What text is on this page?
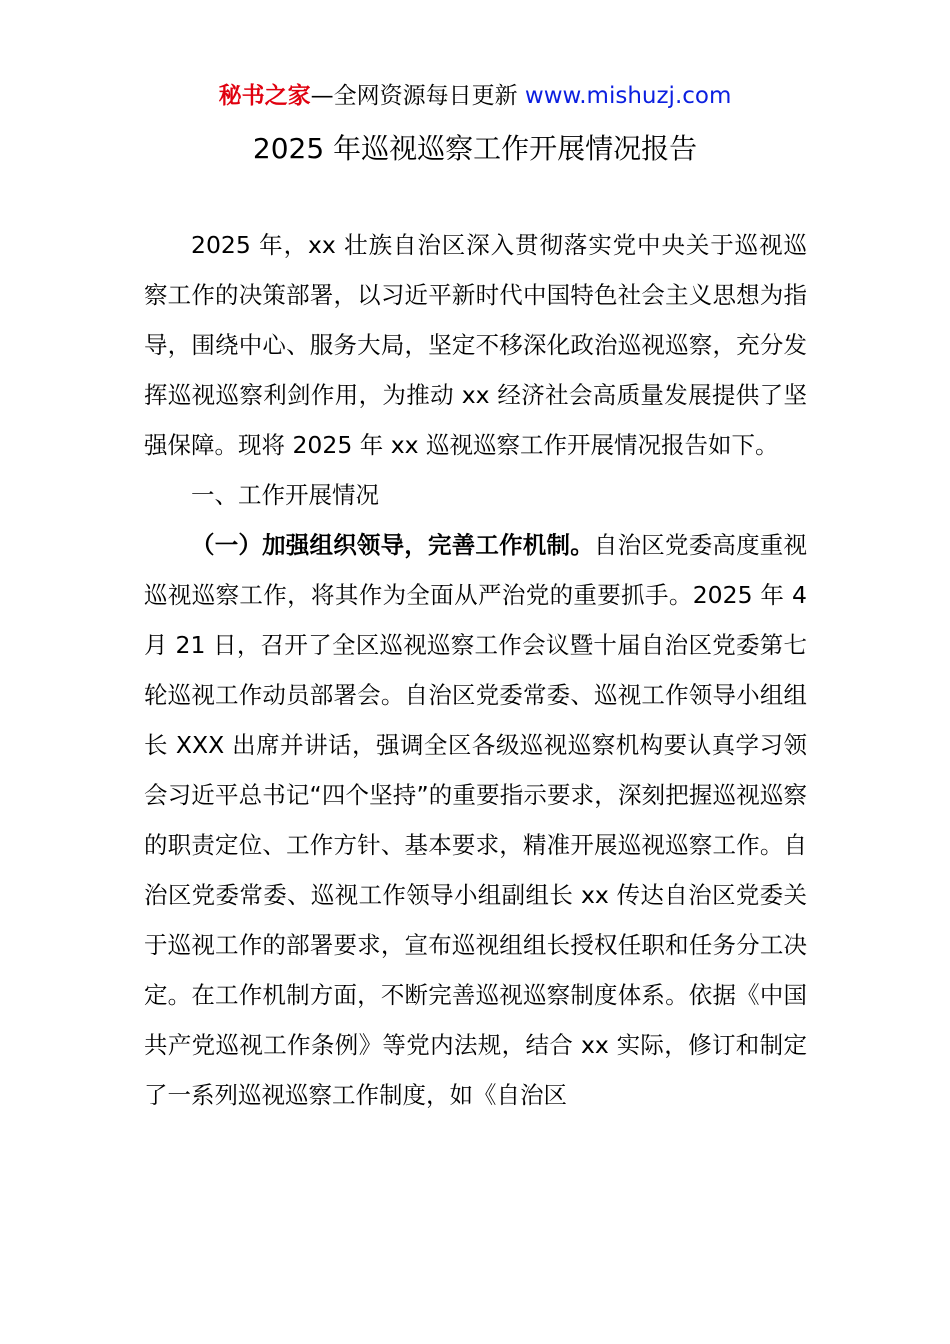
秘书之家—全网资源每日更新 www.mishuzj.com
2025 年巡视巡察工作开展情况报告

2025 年，xx 壮族自治区深入贯彻落实党中央关于巡视巡察工作的决策部署，以习近平新时代中国特色社会主义思想为指导，围绕中心、服务大局，坚定不移深化政治巡视巡察，充分发挥巡视巡察利剑作用，为推动 xx 经济社会高质量发展提供了坚强保障。现将 2025 年 xx 巡视巡察工作开展情况报告如下。

一、工作开展情况

（一）加强组织领导，完善工作机制。自治区党委高度重视巡视巡察工作，将其作为全面从严治党的重要抓手。2025 年 4 月 21 日，召开了全区巡视巡察工作会议暨十届自治区党委第七轮巡视工作动员部署会。自治区党委常委、巡视工作领导小组组长 XXX 出席并讲话，强调全区各级巡视巡察机构要认真学习领会习近平总书记“四个坚持”的重要指示要求，深刻把握巡视巡察的职责定位、工作方针、基本要求，精准开展巡视巡察工作。自治区党委常委、巡视工作领导小组副组长 xx 传达自治区党委关于巡视工作的部署要求，宣布巡视组组长授权任职和任务分工决定。在工作机制方面，不断完善巡视巡察制度体系。依据《中国共产党巡视工作条例》等党内法规，结合 xx 实际，修订和制定了一系列巡视巡察工作制度，如《自治区
